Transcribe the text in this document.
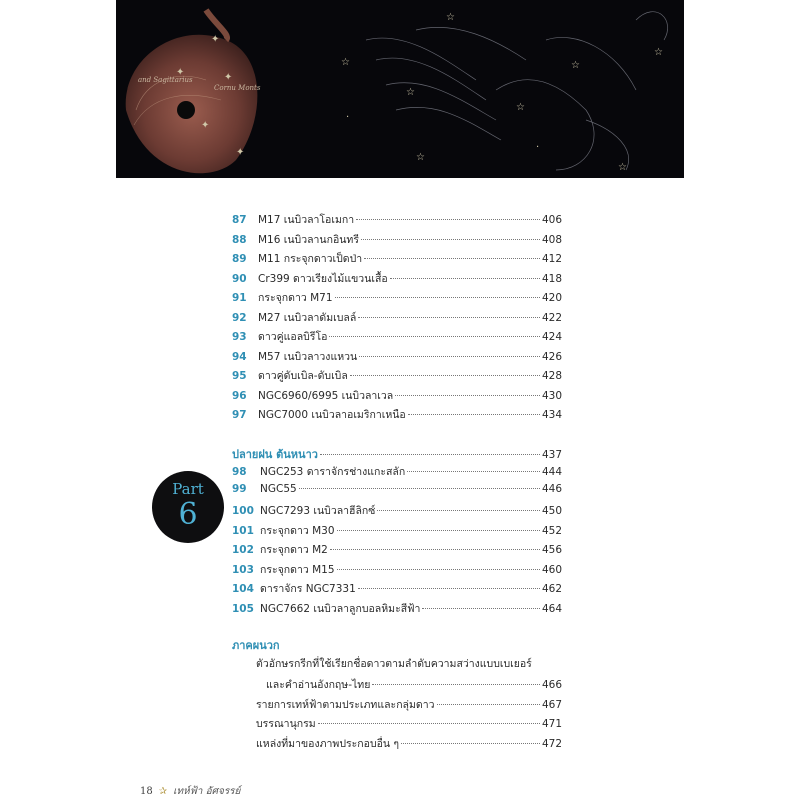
✦
✦
✦
✦
✦
☆
☆
☆
☆
☆
☆
☆
☆
·
·
and Sagittarius
Cornu Monts
87	M17 เนบิวลาโอเมกา	406
88	M16 เนบิวลานกอินทรี	408
89	M11 กระจุกดาวเป็ดป่า	412
90	Cr399 ดาวเรียงไม้แขวนเสื้อ	418
91	กระจุกดาว M71	420
92	M27 เนบิวลาดัมเบลล์	422
93	ดาวคู่แอลบิรีโอ	424
94	M57 เนบิวลาวงแหวน	426
95	ดาวคู่ดับเบิล-ดับเบิล	428
96	NGC6960/6995 เนบิวลาเวล	430
97	NGC7000 เนบิวลาอเมริกาเหนือ	434
ปลายฝน ต้นหนาว	437
98	NGC253 ดาราจักรช่างแกะสลัก	444
99	NGC55	446
100 NGC7293 เนบิวลาฮีลิกซ์	450
101 กระจุกดาว M30	452
102 กระจุกดาว M2	456
103 กระจุกดาว M15	460
104 ดาราจักร NGC7331	462
105 NGC7662 เนบิวลาลูกบอลหิมะสีฟ้า	464
ภาคผนวก
ตัวอักษรกรีกที่ใช้เรียกชื่อดาวตามลำดับความสว่างแบบเบเยอร์
และคำอ่านอังกฤษ-ไทย	466
รายการเทห์ฟ้าตามประเภทและกลุ่มดาว	467
บรรณานุกรม	471
แหล่งที่มาของภาพประกอบอื่น ๆ	472
Part
6
18 ✰ เทห์ฟ้า อัศจรรย์
